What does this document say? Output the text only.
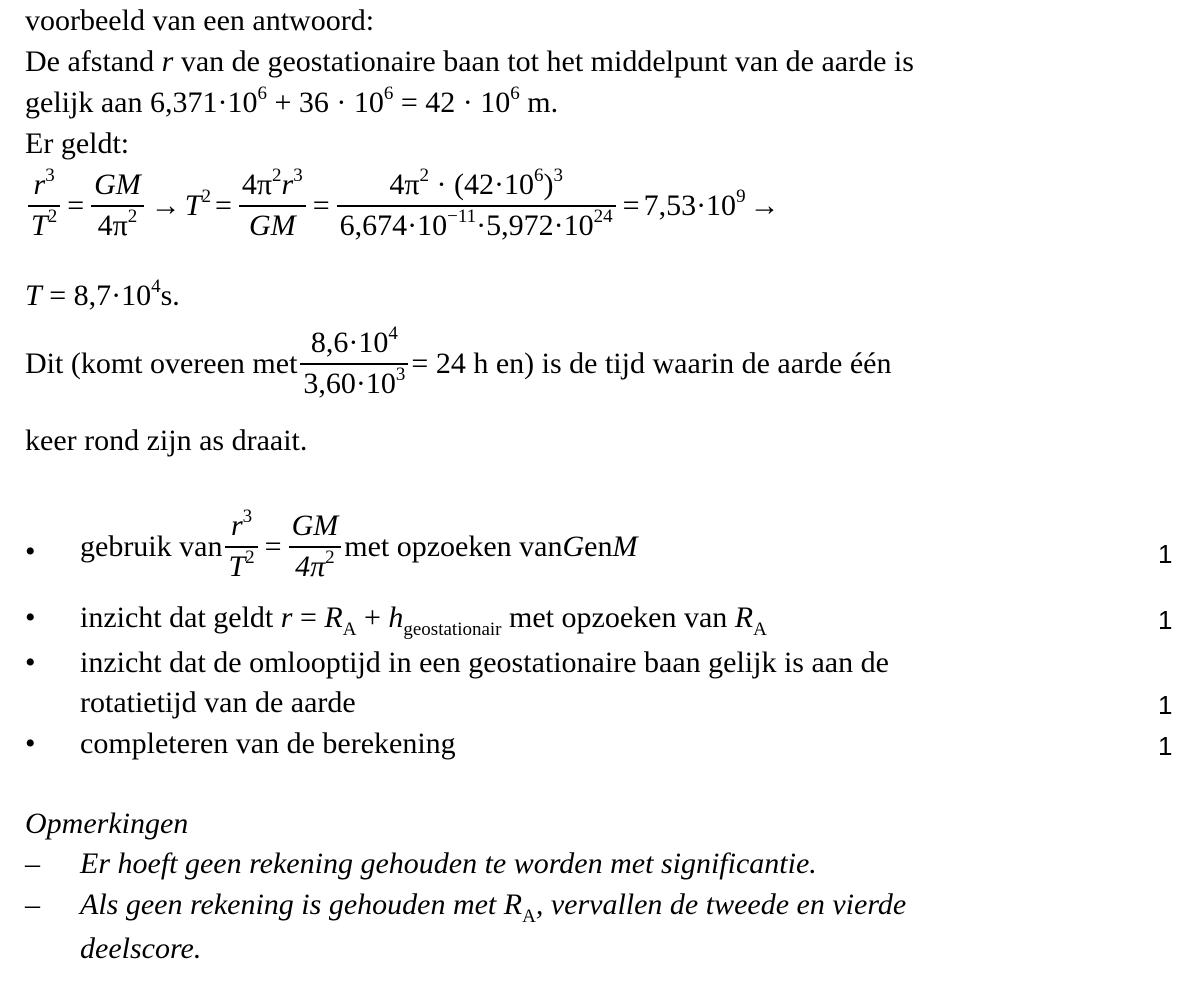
voorbeeld van een antwoord:
De afstand r van de geostationaire baan tot het middelpunt van de aarde is
gelijk aan $6,371\cdot 10^6 + 36 \cdot 10^6 = 42 \cdot 10^6$ m.
Er geldt:
$\frac{r^3}{T^2} = \frac{GM}{4\pi^2} \to T^2 = \frac{4\pi^2r^3}{GM} = \frac{4\pi^2 \cdot (42\cdot 10^6)^3}{6,674\cdot 10^{-11}\cdot 5,972\cdot 10^{24}} = 7,53\cdot 10^9$ →
$T = 8,7\cdot 10^4s$.
Dit (komt overeen met $\frac{8,6\cdot 10^4}{3,60\cdot 10^3} = 24$ h en) is de tijd waarin de aarde één
keer rond zijn as draait.
• gebruik van $\frac{r^3}{T^2} = \frac{GM}{4\pi^2}$ met opzoeken van G en M	1
• inzicht dat geldt $r = R_A + h_{geostationair}$ met opzoeken van $R_A$	1
• inzicht dat de omlooptijd in een geostationaire baan gelijk is aan de
rotatietijd van de aarde	1
• completeren van de berekening	1
Opmerkingen
– Er hoeft geen rekening gehouden te worden met significantie.
– Als geen rekening is gehouden met $R_A$, vervallen de tweede en vierde
deelscore.
